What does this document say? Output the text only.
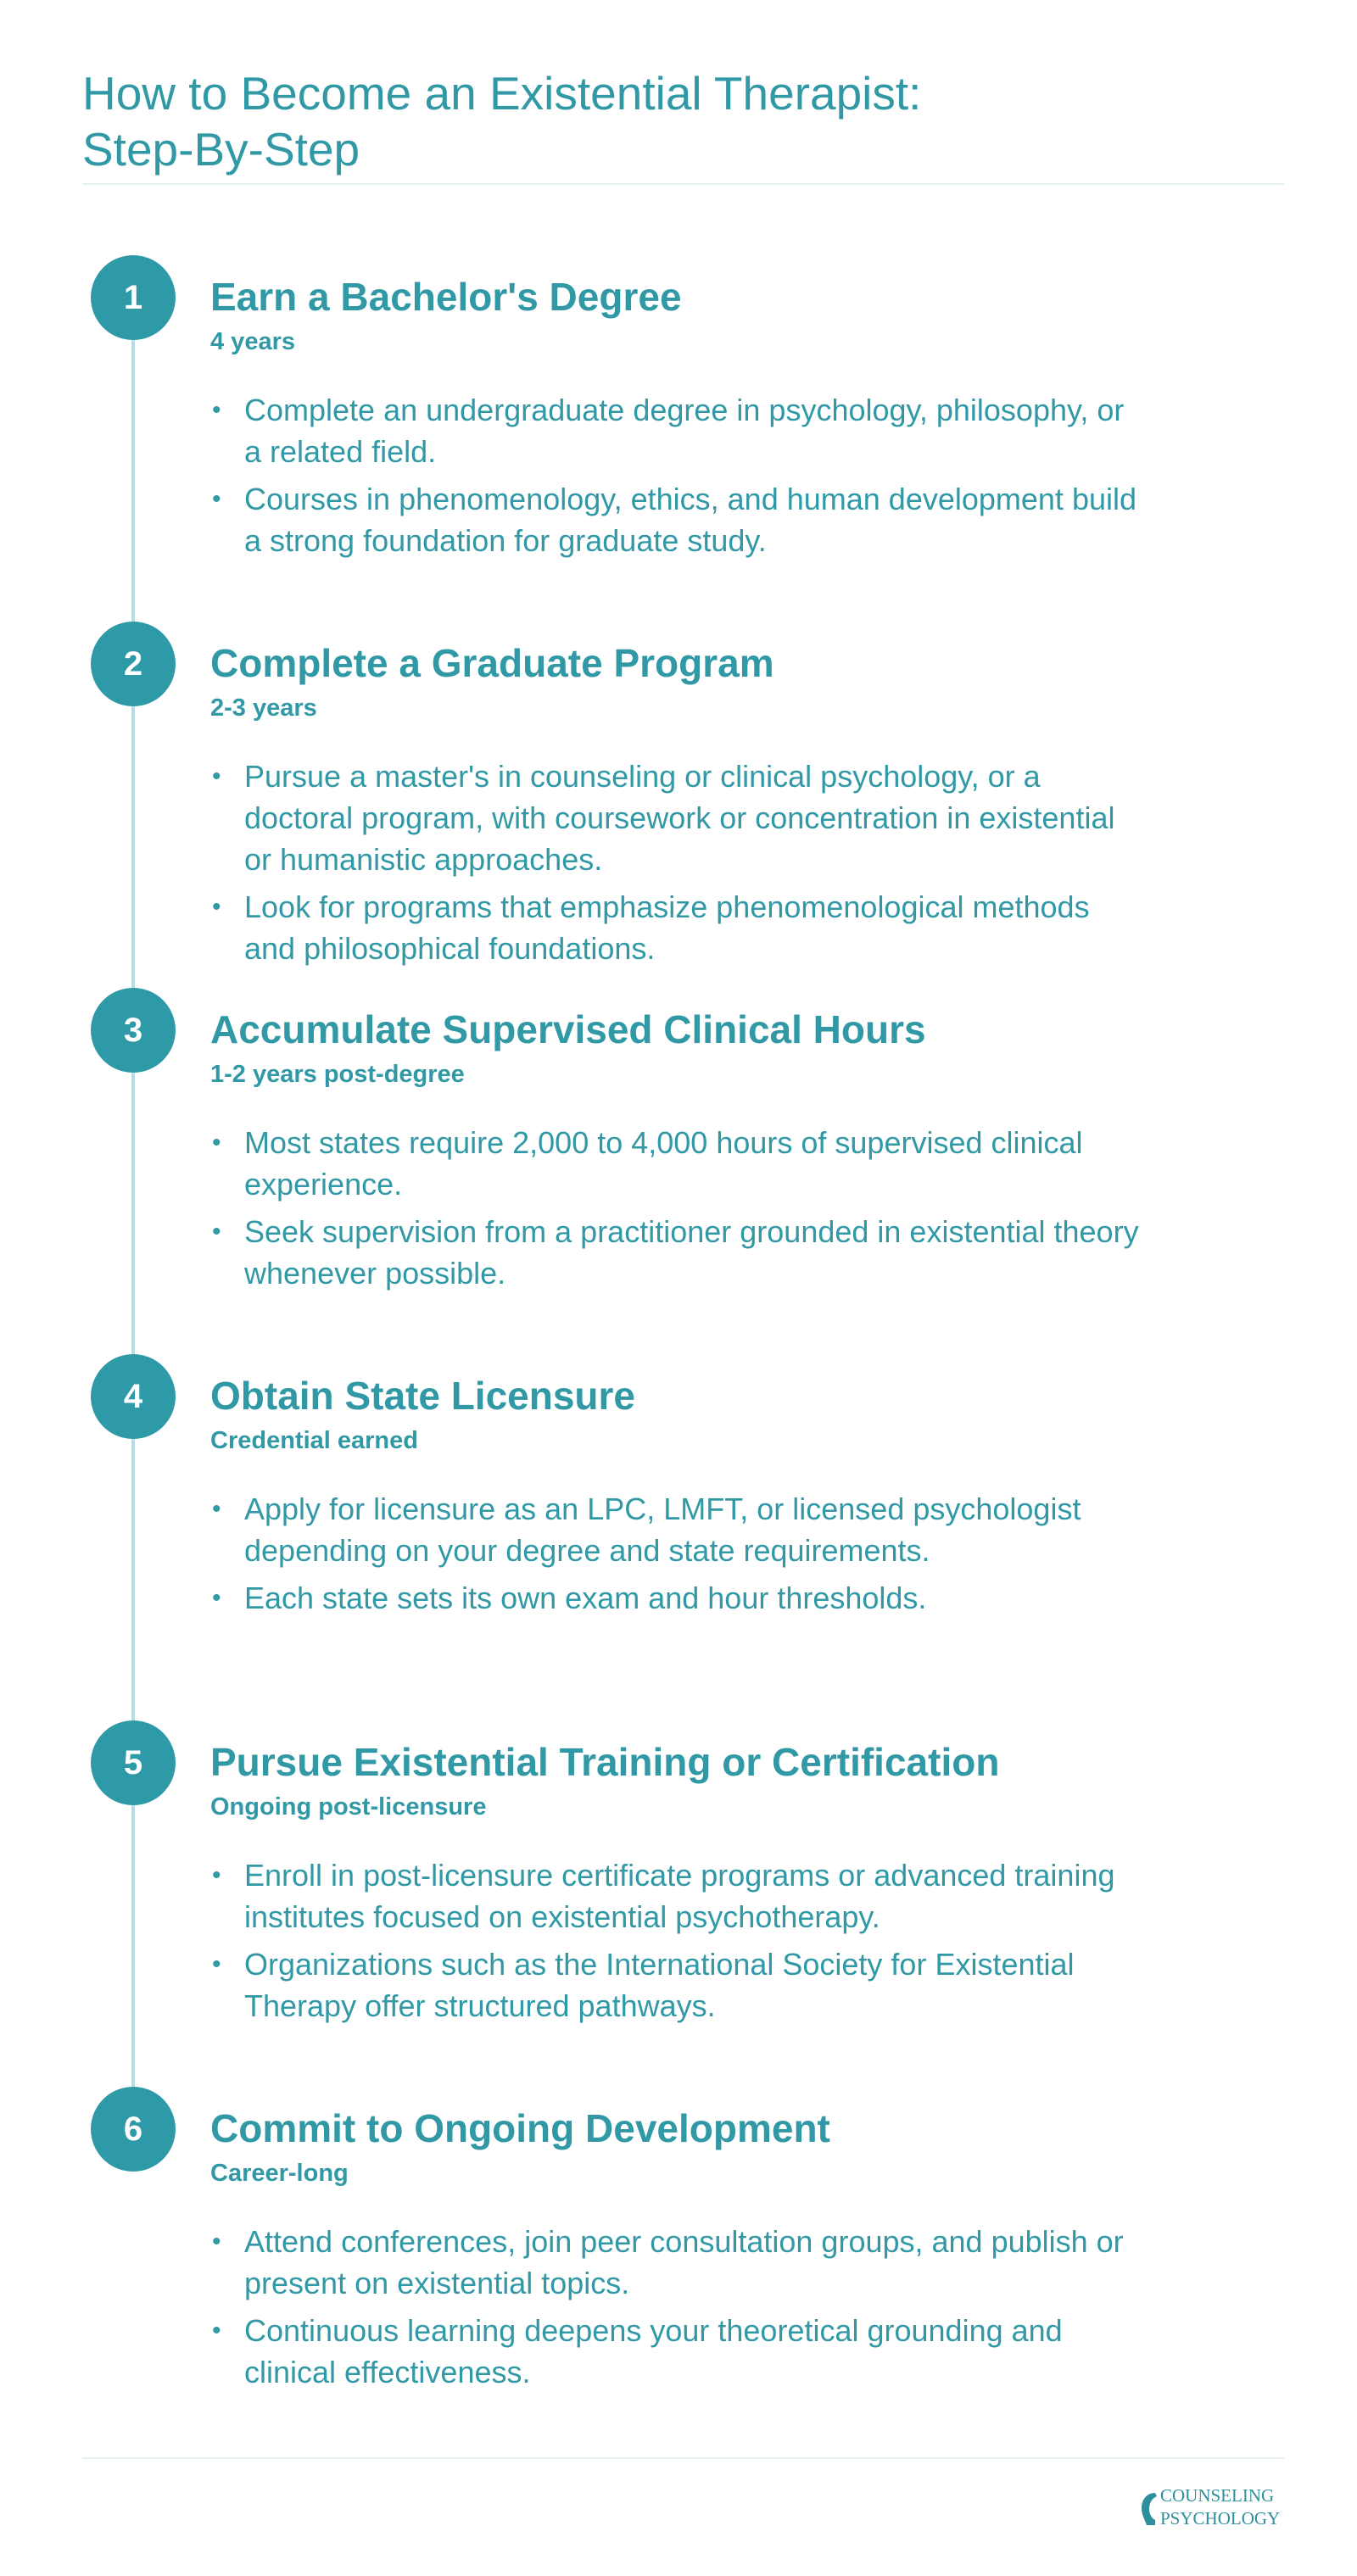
How to Become an Existential Therapist:
Step-By-Step
1	Earn a Bachelor's Degree
4 years
• Complete an undergraduate degree in psychology, philosophy, or a related field.
• Courses in phenomenology, ethics, and human development build a strong foundation for graduate study.
2	Complete a Graduate Program
2-3 years
• Pursue a master's in counseling or clinical psychology, or a doctoral program, with coursework or concentration in existential or humanistic approaches.
• Look for programs that emphasize phenomenological methods and philosophical foundations.
3	Accumulate Supervised Clinical Hours
1-2 years post-degree
• Most states require 2,000 to 4,000 hours of supervised clinical experience.
• Seek supervision from a practitioner grounded in existential theory whenever possible.
4	Obtain State Licensure
Credential earned
• Apply for licensure as an LPC, LMFT, or licensed psychologist depending on your degree and state requirements.
• Each state sets its own exam and hour thresholds.
5	Pursue Existential Training or Certification
Ongoing post-licensure
• Enroll in post-licensure certificate programs or advanced training institutes focused on existential psychotherapy.
• Organizations such as the International Society for Existential Therapy offer structured pathways.
6	Commit to Ongoing Development
Career-long
• Attend conferences, join peer consultation groups, and publish or present on existential topics.
• Continuous learning deepens your theoretical grounding and clinical effectiveness.
COUNSELING
PSYCHOLOGY
